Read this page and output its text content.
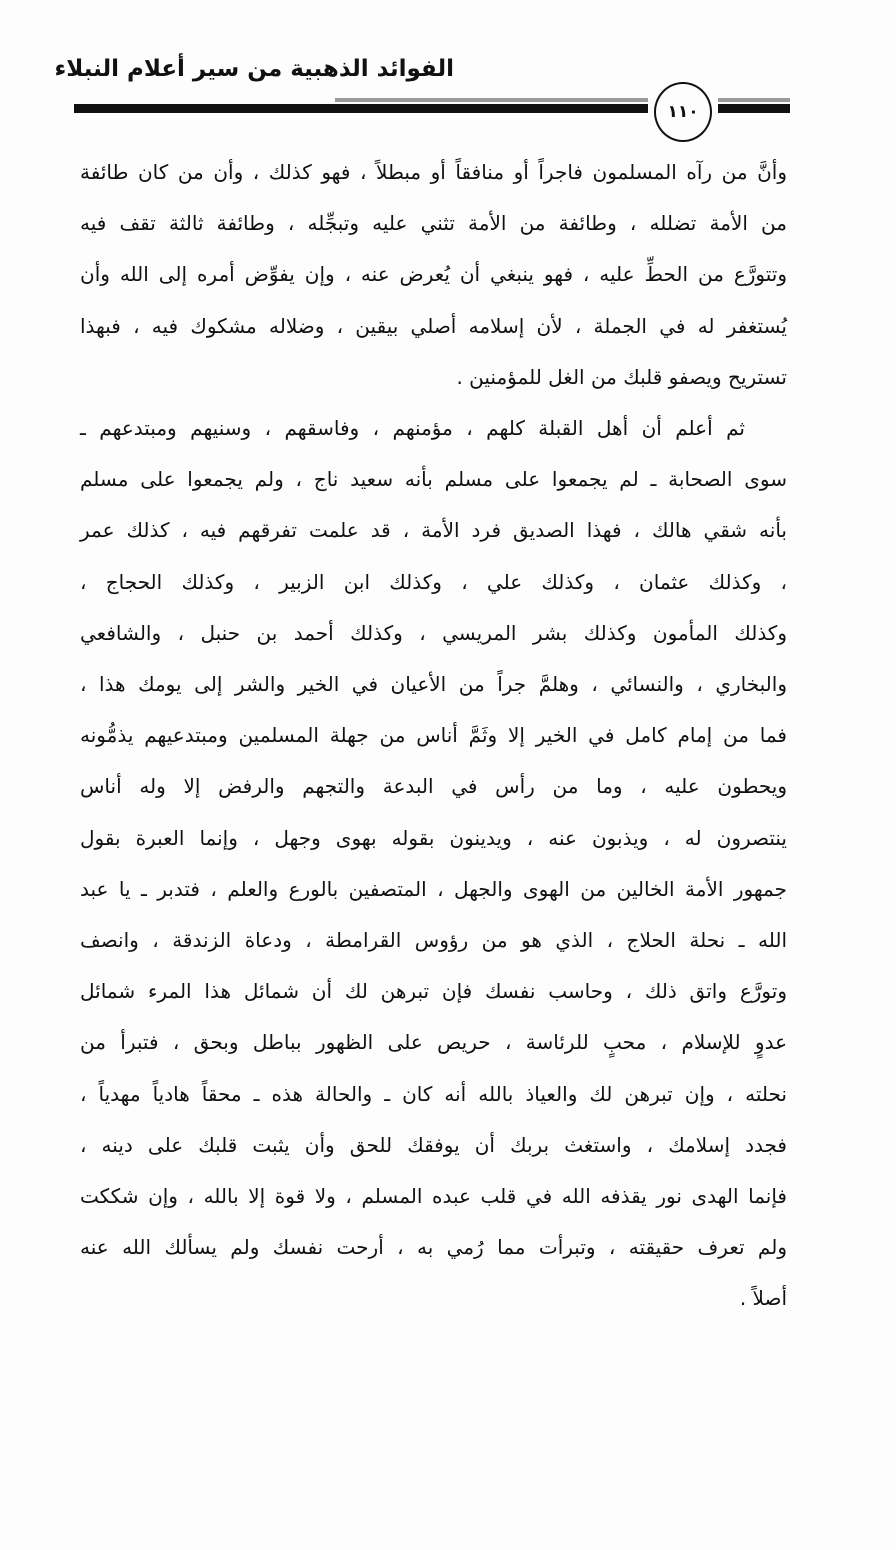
الفوائد الذهبية من سير أعلام النبلاء
١١٠
وأنَّ من رآه المسلمون فاجراً أو منافقاً أو مبطلاً ، فهو كذلك ، وأن من كان طائفة
من الأمة تضلله ، وطائفة من الأمة تثني عليه وتبجِّله ، وطائفة ثالثة تقف فيه
وتتورَّع من الحطِّ عليه ، فهو ينبغي أن يُعرض عنه ، وإن يفوِّض أمره إلى الله وأن
يُستغفر له في الجملة ، لأن إسلامه أصلي بيقين ، وضلاله مشكوك فيه ، فبهذا
تستريح ويصفو قلبك من الغل للمؤمنين .
ثم أعلم أن أهل القبلة كلهم ، مؤمنهم ، وفاسقهم ، وسنيهم ومبتدعهم ـ
سوى الصحابة ـ لم يجمعوا على مسلم بأنه سعيد ناج ، ولم يجمعوا على مسلم
بأنه شقي هالك ، فهذا الصديق فرد الأمة ، قد علمت تفرقهم فيه ، كذلك عمر
، وكذلك عثمان ، وكذلك علي ، وكذلك ابن الزبير ، وكذلك الحجاج ،
وكذلك المأمون وكذلك بشر المريسي ، وكذلك أحمد بن حنبل ، والشافعي
والبخاري ، والنسائي ، وهلمَّ جراً من الأعيان في الخير والشر إلى يومك هذا ،
فما من إمام كامل في الخير إلا وثَمَّ أناس من جهلة المسلمين ومبتدعيهم يذمُّونه
ويحطون عليه ، وما من رأس في البدعة والتجهم والرفض إلا وله أناس
ينتصرون له ، ويذبون عنه ، ويدينون بقوله بهوى وجهل ، وإنما العبرة بقول
جمهور الأمة الخالين من الهوى والجهل ، المتصفين بالورع والعلم ، فتدبر ـ يا عبد
الله ـ نحلة الحلاج ، الذي هو من رؤوس القرامطة ، ودعاة الزندقة ، وانصف
وتورَّع واتق ذلك ، وحاسب نفسك فإن تبرهن لك أن شمائل هذا المرء شمائل
عدوٍ للإسلام ، محبٍ للرئاسة ، حريص على الظهور بباطل وبحق ، فتبرأ من
نحلته ، وإن تبرهن لك والعياذ بالله أنه كان ـ والحالة هذه ـ محقاً هادياً مهدياً ،
فجدد إسلامك ، واستغث بربك أن يوفقك للحق وأن يثبت قلبك على دينه ،
فإنما الهدى نور يقذفه الله في قلب عبده المسلم ، ولا قوة إلا بالله ، وإن شككت
ولم تعرف حقيقته ، وتبرأت مما رُمي به ، أرحت نفسك ولم يسألك الله عنه
أصلاً .
